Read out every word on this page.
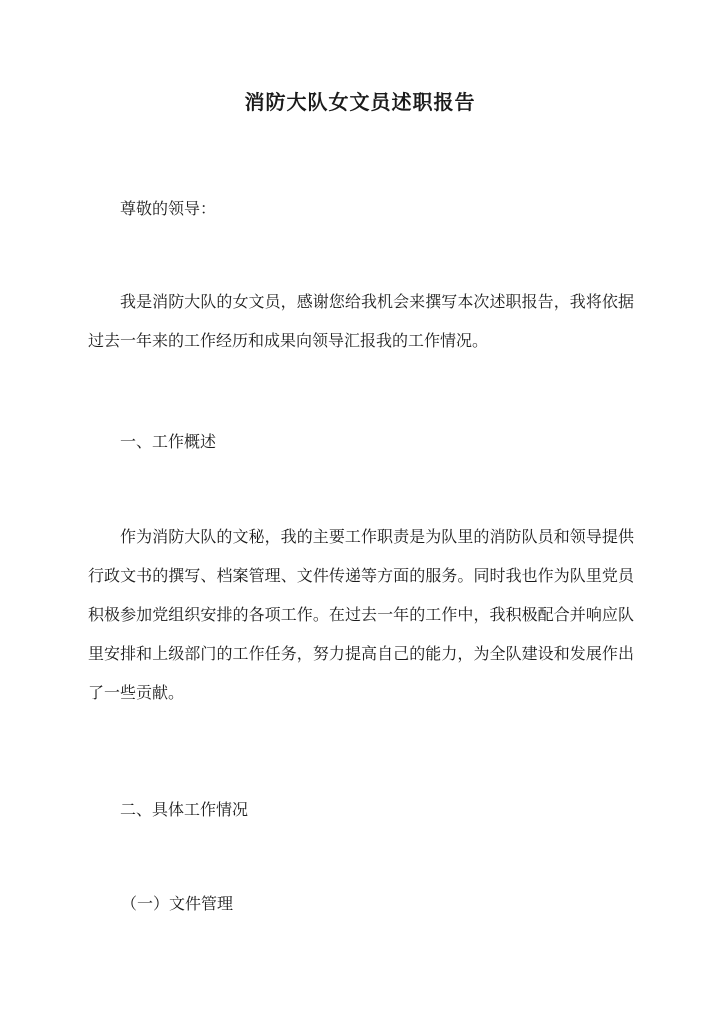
消防大队女文员述职报告

尊敬的领导：

我是消防大队的女文员，感谢您给我机会来撰写本次述职报告，我将依据过去一年来的工作经历和成果向领导汇报我的工作情况。

一、工作概述

作为消防大队的文秘，我的主要工作职责是为队里的消防队员和领导提供行政文书的撰写、档案管理、文件传递等方面的服务。同时我也作为队里党员积极参加党组织安排的各项工作。在过去一年的工作中，我积极配合并响应队里安排和上级部门的工作任务，努力提高自己的能力，为全队建设和发展作出了一些贡献。

二、具体工作情况

（一）文件管理
